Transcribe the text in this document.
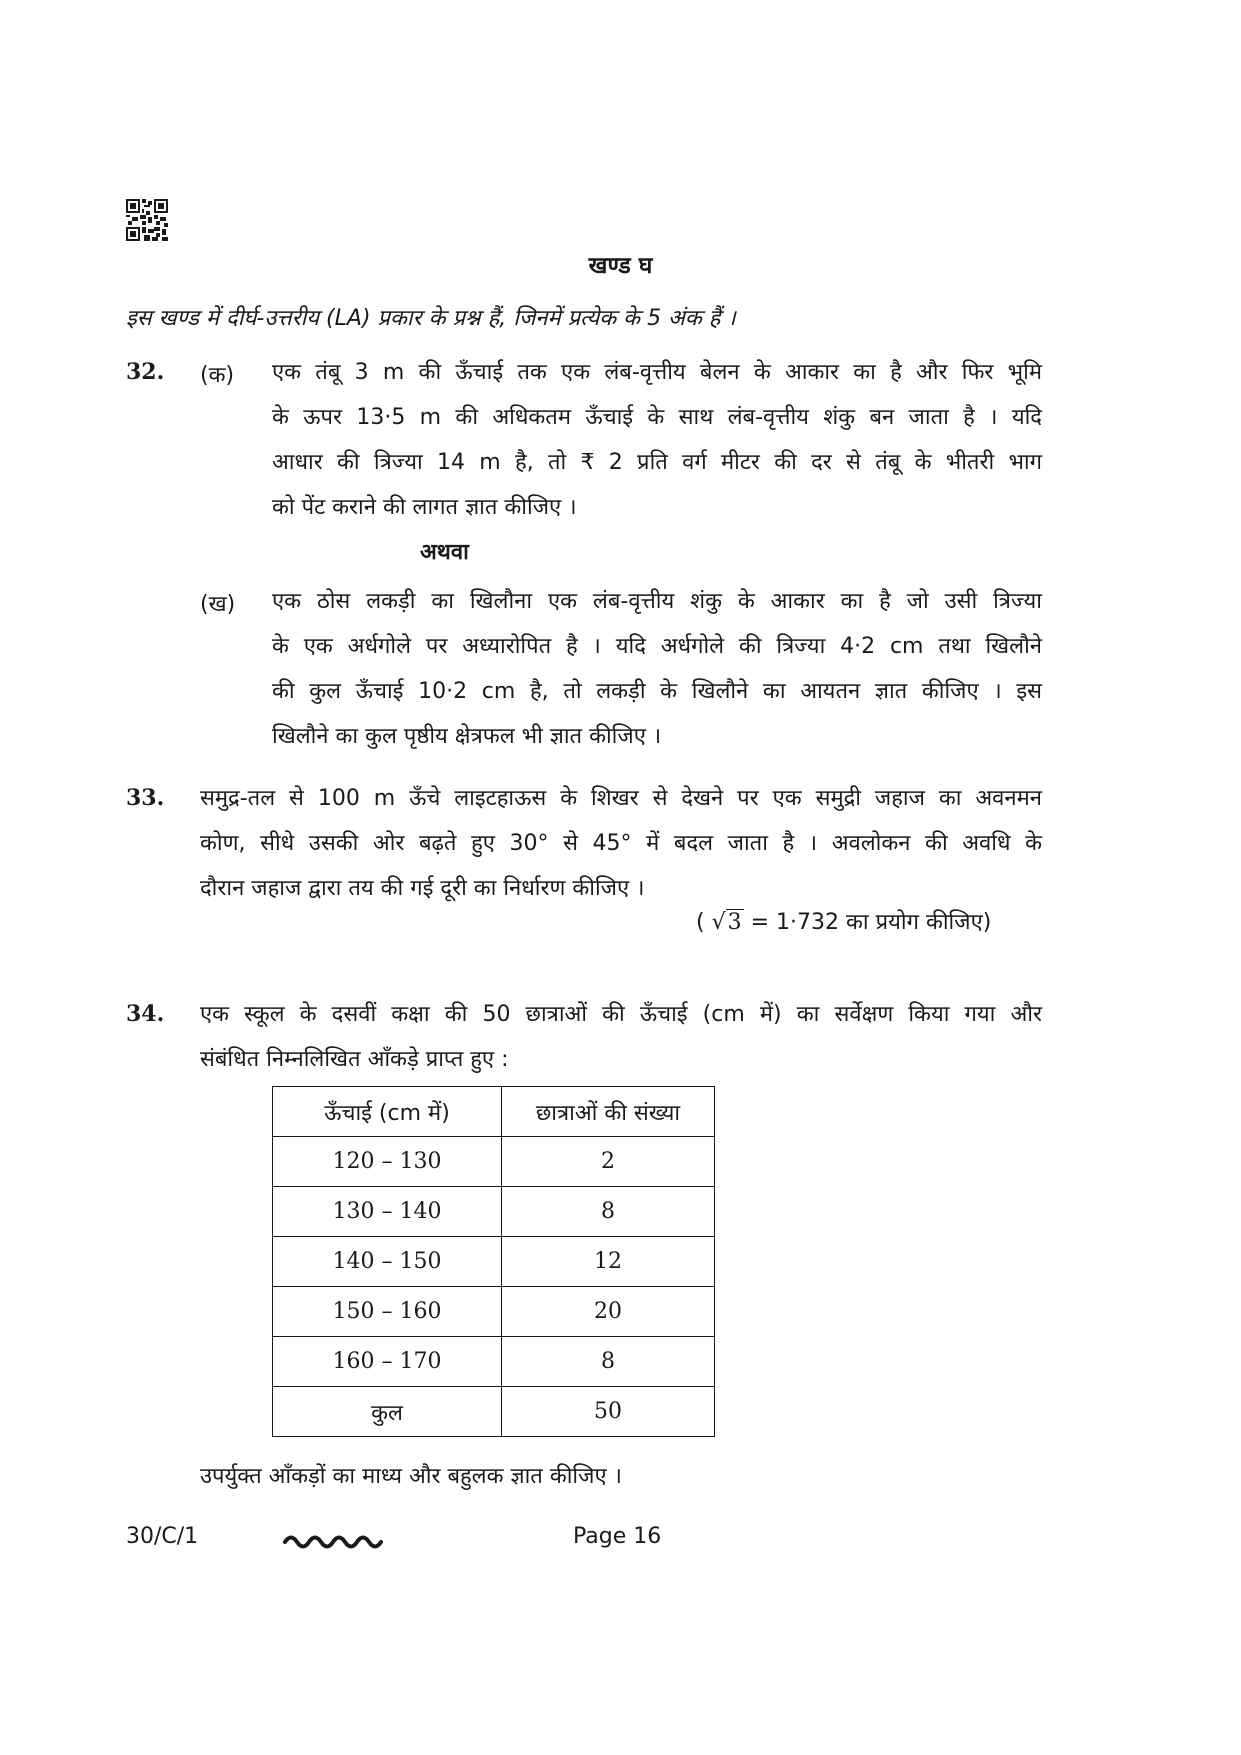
खण्ड घ
इस खण्ड में दीर्घ-उत्तरीय (LA) प्रकार के प्रश्न हैं, जिनमें प्रत्येक के 5 अंक हैं ।
32. (क) एक तंबू 3 m की ऊँचाई तक एक लंब-वृत्तीय बेलन के आकार का है और फिर भूमि
के ऊपर 13·5 m की अधिकतम ऊँचाई के साथ लंब-वृत्तीय शंकु बन जाता है । यदि
आधार की त्रिज्या 14 m है, तो ₹ 2 प्रति वर्ग मीटर की दर से तंबू के भीतरी भाग
को पेंट कराने की लागत ज्ञात कीजिए ।
अथवा
(ख) एक ठोस लकड़ी का खिलौना एक लंब-वृत्तीय शंकु के आकार का है जो उसी त्रिज्या
के एक अर्धगोले पर अध्यारोपित है । यदि अर्धगोले की त्रिज्या 4·2 cm तथा खिलौने
की कुल ऊँचाई 10·2 cm है, तो लकड़ी के खिलौने का आयतन ज्ञात कीजिए । इस
खिलौने का कुल पृष्ठीय क्षेत्रफल भी ज्ञात कीजिए ।
33. समुद्र-तल से 100 m ऊँचे लाइटहाऊस के शिखर से देखने पर एक समुद्री जहाज का अवनमन
कोण, सीधे उसकी ओर बढ़ते हुए 30° से 45° में बदल जाता है । अवलोकन की अवधि के
दौरान जहाज द्वारा तय की गई दूरी का निर्धारण कीजिए ।
( √3 = 1·732 का प्रयोग कीजिए)
34. एक स्कूल के दसवीं कक्षा की 50 छात्राओं की ऊँचाई (cm में) का सर्वेक्षण किया गया और
संबंधित निम्नलिखित आँकड़े प्राप्त हुए :
ऊँचाई (cm में)	छात्राओं की संख्या
120 – 130	2
130 – 140	8
140 – 150	12
150 – 160	20
160 – 170	8
कुल	50
उपर्युक्त आँकड़ों का माध्य और बहुलक ज्ञात कीजिए ।
30/C/1	Page 16
